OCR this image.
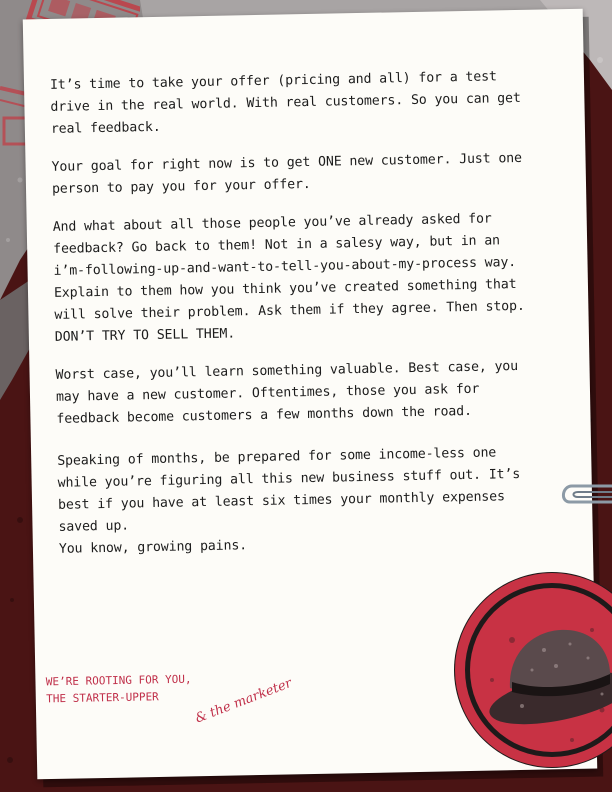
It’s time to take your offer (pricing and all) for a test drive in the real world. With real customers. So you can get real feedback.

Your goal for right now is to get ONE new customer. Just one person to pay you for your offer.

And what about all those people you’ve already asked for feedback? Go back to them! Not in a salesy way, but in an i’m-following-up-and-want-to-tell-you-about-my-process way. Explain to them how you think you’ve created something that will solve their problem. Ask them if they agree. Then stop. DON’T TRY TO SELL THEM.

Worst case, you’ll learn something valuable. Best case, you may have a new customer. Oftentimes, those you ask for feedback become customers a few months down the road.

Speaking of months, be prepared for some income-less one while you’re figuring all this new business stuff out. It’s best if you have at least six times your monthly expenses saved up.

You know, growing pains.

WE’RE ROOTING FOR YOU,
THE STARTER-UPPER	& the marketer
